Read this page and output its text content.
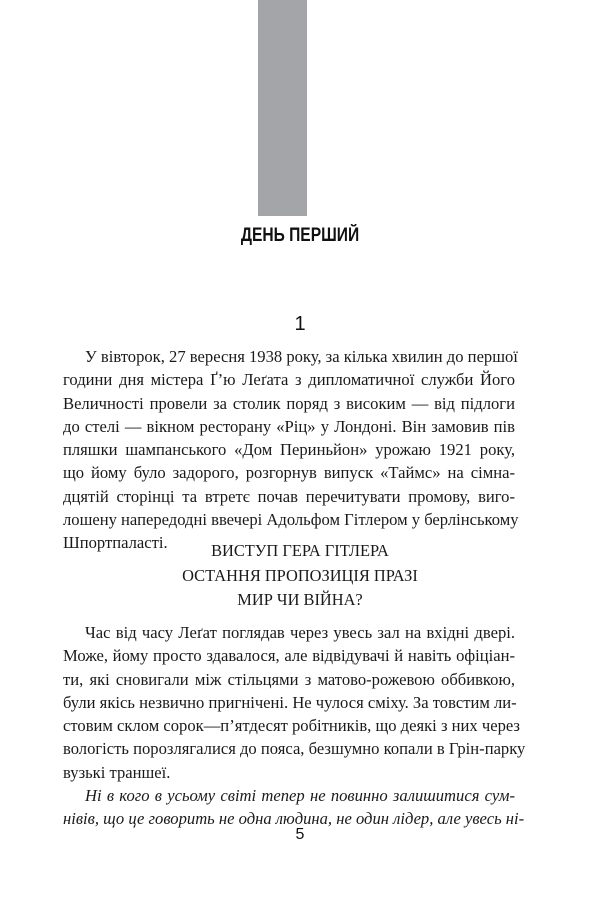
ДЕНЬ ПЕРШИЙ
1
У вівторок, 27 вересня 1938 року, за кілька хвилин до першої
години дня містера Ґ’ю Леґата з дипломатичної служби Його
Величності провели за столик поряд з високим — від підлоги
до стелі — вікном ресторану «Ріц» у Лондоні. Він замовив пів
пляшки шампанського «Дом Периньйон» урожаю 1921 року,
що йому було задорого, розгорнув випуск «Таймс» на сімна-
дцятій сторінці та втретє почав перечитувати промову, виго-
лошену напередодні ввечері Адольфом Гітлером у берлінському
Шпортпаласті.	ВИСТУП ГЕРА ГІТЛЕРА
ОСТАННЯ ПРОПОЗИЦІЯ ПРАЗІ
МИР ЧИ ВІЙНА?
Час від часу Леґат поглядав через увесь зал на вхідні двері.
Може, йому просто здавалося, але відвідувачі й навіть офіціан-
ти, які сновигали між стільцями з матово-рожевою оббивкою,
були якісь незвично пригнічені. Не чулося сміху. За товстим ли-
стовим склом сорок—п’ятдесят робітників, що деякі з них через
вологість порозлягалися до пояса, безшумно копали в Грін-парку
вузькі траншеї.
Ні в кого в усьому світі тепер не повинно залишитися сум-
нівів, що це говорить не одна людина, не один лідер, але увесь ні-
5
